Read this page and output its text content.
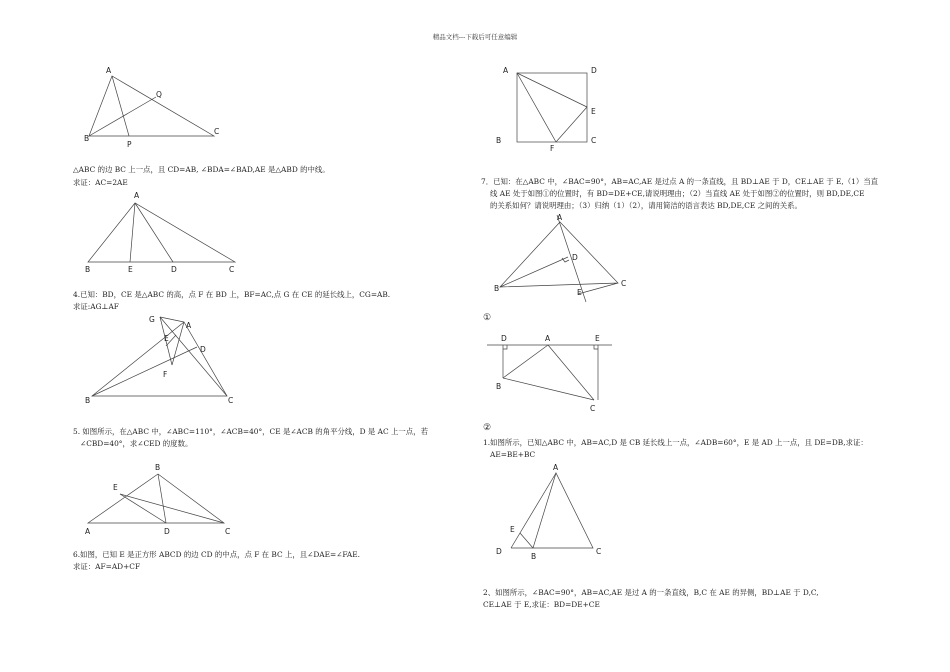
精品文档---下载后可任意编辑
A
Q
B
P
C
△ABC 的边 BC 上一点，且 CD=AB, ∠BDA=∠BAD,AE 是△ABD 的中线。
求证：AC=2AE
A
B	E	D	C
4.已知：BD，CE 是△ABC 的高，点 F 在 BD 上，BF=AC,点 G 在 CE 的延长线上，CG=AB.
求证:AG⊥AF
G
A
E
D
F
B	C
5. 如图所示，在△ABC 中，∠ABC=110°，∠ACB=40°，CE 是∠ACB 的角平分线，D 是 AC 上一点，若
∠CBD=40°，求∠CED 的度数。
B
E
A	D	C
6.如图，已知 E 是正方形 ABCD 的边 CD 的中点，点 F 在 BC 上，且∠DAE=∠FAE.
求证：AF=AD+CF
A	D
E
B
F
C
7．已知：在△ABC 中，∠BAC=90°，AB=AC,AE 是过点 A 的一条直线，且 BD⊥AE 于 D，CE⊥AE 于 E,（1）当直
线 AE 处于如图①的位置时，有 BD=DE+CE,请说明理由；（2）当直线 AE 处于如图②的位置时，则 BD,DE,CE
的关系如何？请说明理由；（3）归纳（1）（2），请用简洁的语言表达 BD,DE,CE 之间的关系。
A
D
B	E
C
①
D	A	E
B
C
②
1.如图所示，已知△ABC 中，AB=AC,D 是 CB 延长线上一点，∠ADB=60°，E 是 AD 上一点，且 DE=DB,求证：
AE=BE+BC
A
E
D
B
C
2、如图所示，∠BAC=90°，AB=AC,AE 是过 A 的一条直线，B,C 在 AE 的异侧，BD⊥AE 于 D,C,
CE⊥AE 于 E,求证：BD=DE+CE
